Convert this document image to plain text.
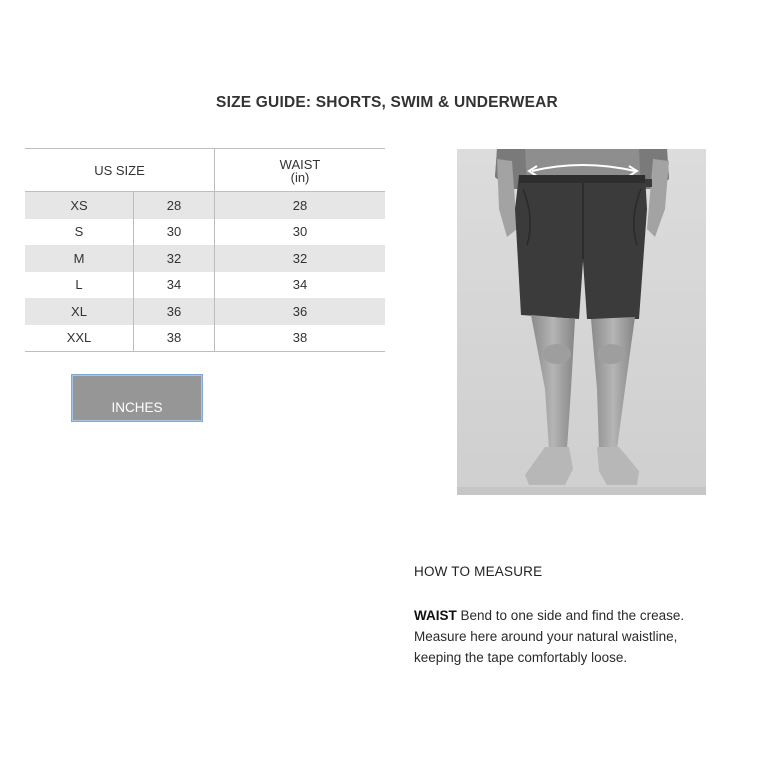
SIZE GUIDE: SHORTS, SWIM & UNDERWEAR
US SIZE		WAIST
(in)

XS	28	28
S	30	30
M	32	32
L	34	34
XL	36	36
XXL	38	38
INCHES
HOW TO MEASURE
WAIST Bend to one side and find the crease.
Measure here around your natural waistline,
keeping the tape comfortably loose.
